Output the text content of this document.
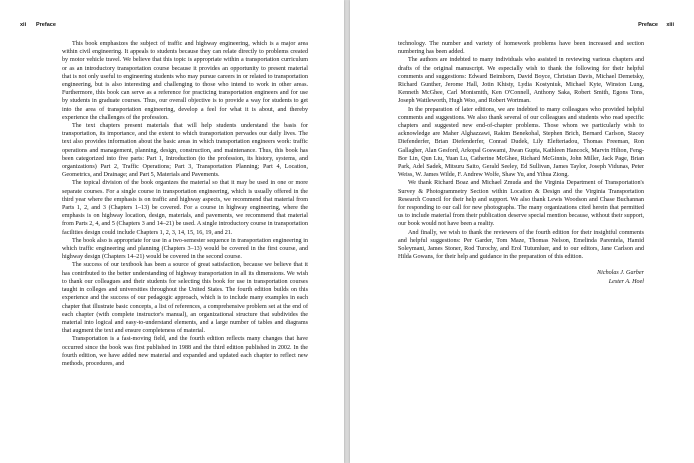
xii Preface

This book emphasizes the subject of traffic and highway engineering, which is a major area within civil engineering. It appeals to students because they can relate directly to problems created by motor vehicle travel. We believe that this topic is appropriate within a transportation curriculum or as an introductory transportation course because it provides an opportunity to present material that is not only useful to engineering students who may pursue careers in or related to transportation engineering, but is also interesting and challenging to those who intend to work in other areas. Furthermore, this book can serve as a reference for practicing transportation engineers and for use by students in graduate courses. Thus, our overall objective is to provide a way for students to get into the area of transportation engineering, develop a feel for what it is about, and thereby experience the challenges of the profession.

The text chapters present materials that will help students understand the basis for transportation, its importance, and the extent to which transportation pervades our daily lives. The text also provides information about the basic areas in which transportation engineers work: traffic operations and management, planning, design, construction, and maintenance. Thus, this book has been categorized into five parts: Part 1, Introduction (to the profession, its history, systems, and organizations) Part 2, Traffic Operations; Part 3, Transportation Planning; Part 4, Location, Geometrics, and Drainage; and Part 5, Materials and Pavements.

The topical division of the book organizes the material so that it may be used in one or more separate courses. For a single course in transportation engineering, which is usually offered in the third year where the emphasis is on traffic and highway aspects, we recommend that material from Parts 1, 2, and 3 (Chapters 1–13) be covered. For a course in highway engineering, where the emphasis is on highway location, design, materials, and pavements, we recommend that material from Parts 2, 4, and 5 (Chapters 3 and 14–21) be used. A single introductory course in transportation facilities design could include Chapters 1, 2, 3, 14, 15, 16, 19, and 21.

The book also is appropriate for use in a two-semester sequence in transportation engineering in which traffic engineering and planning (Chapters 3–13) would be covered in the first course, and highway design (Chapters 14–21) would be covered in the second course.

The success of our textbook has been a source of great satisfaction, because we believe that it has contributed to the better understanding of highway transportation in all its dimensions. We wish to thank our colleagues and their students for selecting this book for use in transportation courses taught in colleges and universities throughout the United States. The fourth edition builds on this experience and the success of our pedagogic approach, which is to include many examples in each chapter that illustrate basic concepts, a list of references, a comprehensive problem set at the end of each chapter (with complete instructor's manual), an organizational structure that subdivides the material into logical and easy-to-understand elements, and a large number of tables and diagrams that augment the text and ensure completeness of material.

Transportation is a fast-moving field, and the fourth edition reflects many changes that have occurred since the book was first published in 1988 and the third edition published in 2002. In the fourth edition, we have added new material and expanded and updated each chapter to reflect new methods, procedures, and

Preface xiii

technology. The number and variety of homework problems have been increased and section numbering has been added.

The authors are indebted to many individuals who assisted in reviewing various chapters and drafts of the original manuscript. We especially wish to thank the following for their helpful comments and suggestions: Edward Beimborn, David Boyce, Christian Davis, Michael Demetsky, Richard Gunther, Jerome Hall, Jotin Khisty, Lydia Kostyniuk, Michael Kyte, Winston Lung, Kenneth McGhee, Carl Monismith, Ken O'Connell, Anthony Saka, Robert Smith, Egons Tons, Joseph Wattleworth, Hugh Woo, and Robert Wortman.

In the preparation of later editions, we are indebted to many colleagues who provided helpful comments and suggestions. We also thank several of our colleagues and students who read specific chapters and suggested new end-of-chapter problems. Those whom we particularly wish to acknowledge are Maher Alghazzawi, Rakim Benekohal, Stephen Brich, Bernard Carlson, Stacey Diefenderfer, Brian Diefenderfer, Conrad Dudek, Lily Elefteriadou, Thomas Freeman, Ron Gallagher, Alan Gesford, Arkopal Goswami, Jiwan Gupta, Kathleen Hancock, Marvin Hilton, Feng-Bor Lin, Qun Liu, Yuan Lu, Catherine McGhee, Richard McGinnis, John Miller, Jack Page, Brian Park, Adel Sadek, Mitsuru Saito, Gerald Seeley, Ed Sullivan, James Taylor, Joseph Vidunas, Peter Weiss, W. James Wilde, F. Andrew Wolfe, Shaw Yu, and Yihua Ziong.

We thank Richard Boaz and Michael Zmuda and the Virginia Department of Transportation's Survey & Photogrammetry Section within Location & Design and the Virginia Transportation Research Council for their help and support. We also thank Lewis Woodson and Chase Buchannan for responding to our call for new photographs. The many organizations cited herein that permitted us to include material from their publication deserve special mention because, without their support, our book would not have been a reality.

And finally, we wish to thank the reviewers of the fourth edition for their insightful comments and helpful suggestions: Per Garder, Tom Maze, Thomas Nelson, Emelinda Parentela, Hamid Soleymani, James Stoner, Rod Turochy, and Erol Tutumluer, and to our editors, Jane Carlson and Hilda Gowans, for their help and guidance in the preparation of this edition.

Nicholas J. Garber
Lester A. Hoel
